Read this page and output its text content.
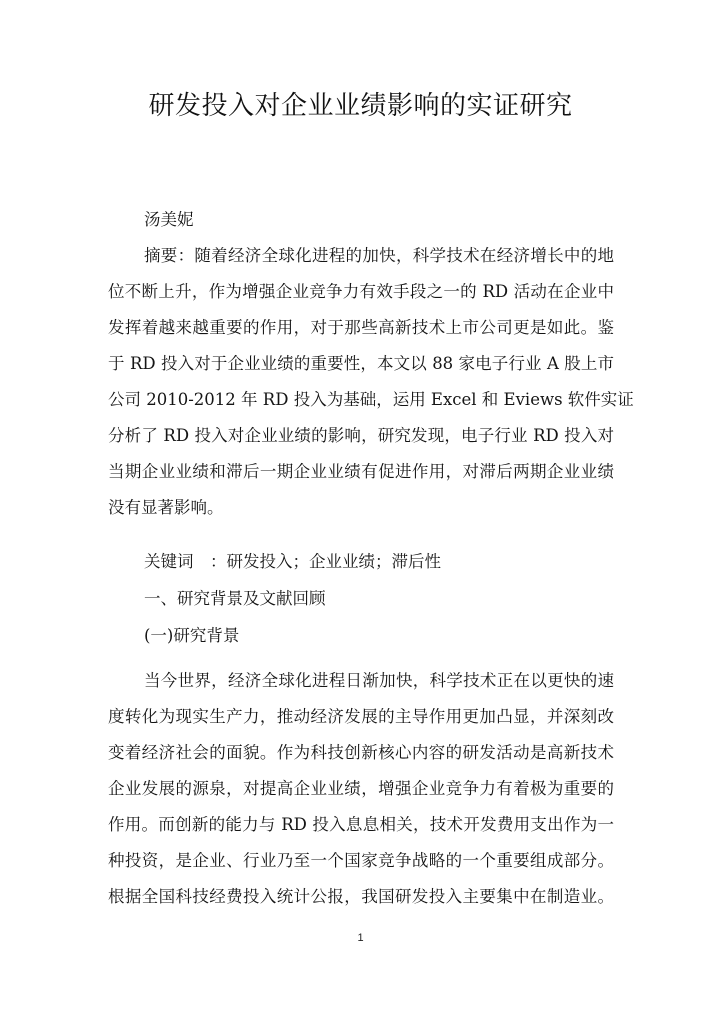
研发投入对企业业绩影响的实证研究
汤美妮
摘要：随着经济全球化进程的加快，科学技术在经济增长中的地
位不断上升，作为增强企业竞争力有效手段之一的 RD 活动在企业中
发挥着越来越重要的作用，对于那些高新技术上市公司更是如此。鉴
于 RD 投入对于企业业绩的重要性，本文以 88 家电子行业 A 股上市
公司 2010-2012 年 RD 投入为基础，运用 Excel 和 Eviews 软件实证
分析了 RD 投入对企业业绩的影响，研究发现，电子行业 RD 投入对
当期企业业绩和滞后一期企业业绩有促进作用，对滞后两期企业业绩
没有显著影响。
关键词　：研发投入；企业业绩；滞后性
一、研究背景及文献回顾
(一)研究背景
当今世界，经济全球化进程日渐加快，科学技术正在以更快的速
度转化为现实生产力，推动经济发展的主导作用更加凸显，并深刻改
变着经济社会的面貌。作为科技创新核心内容的研发活动是高新技术
企业发展的源泉，对提高企业业绩，增强企业竞争力有着极为重要的
作用。而创新的能力与 RD 投入息息相关，技术开发费用支出作为一
种投资，是企业、行业乃至一个国家竞争战略的一个重要组成部分。
根据全国科技经费投入统计公报，我国研发投入主要集中在制造业。
1
